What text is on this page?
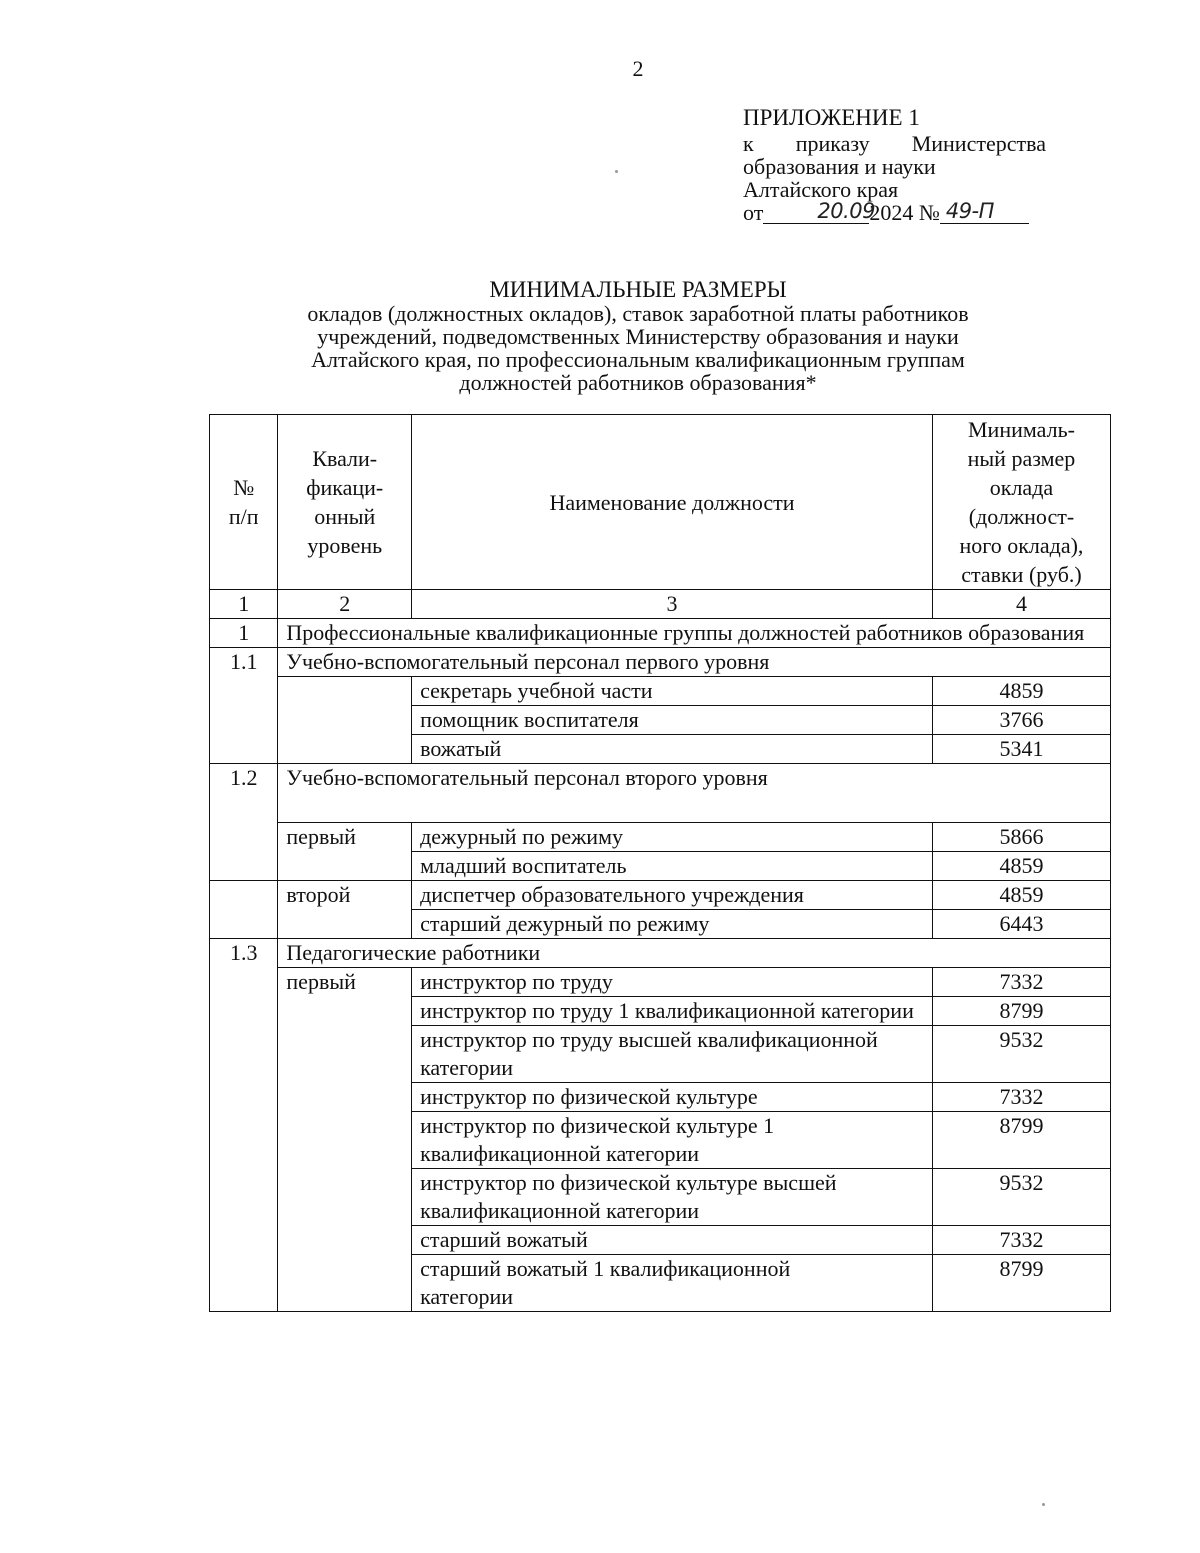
2
ПРИЛОЖЕНИЕ 1
к приказу Министерства
образования и науки
Алтайского края
от	20.09
2024 № 49-П
МИНИМАЛЬНЫЕ РАЗМЕРЫ
окладов (должностных окладов), ставок заработной платы работников
учреждений, подведомственных Министерству образования и науки
Алтайского края, по профессиональным квалификационным группам
должностей работников образования*
№ п/п	Квали- фикаци- онный уровень	Наименование должности	Минималь- ный размер оклада (должност- ного оклада), ставки (руб.)
1	2	3	4
1	Профессиональные квалификационные группы должностей работников образования		
1.1	Учебно-вспомогательный персонал первого уровня		
		секретарь учебной части	4859
		помощник воспитателя	3766
		вожатый	5341
1.2	Учебно-вспомогательный персонал второго уровня		
	первый	дежурный по режиму	5866
		младший воспитатель	4859
	второй	диспетчер образовательного учреждения	4859
		старший дежурный по режиму	6443
1.3	Педагогические работники		
	первый	инструктор по труду	7332
		инструктор по труду 1 квалификационной категории	8799
		инструктор по труду высшей квалификационной категории	9532
		инструктор по физической культуре	7332
		инструктор по физической культуре 1 квалификационной категории	8799
		инструктор по физической культуре высшей квалификационной категории	9532
		старший вожатый	7332
		старший вожатый 1 квалификационной категории	8799
